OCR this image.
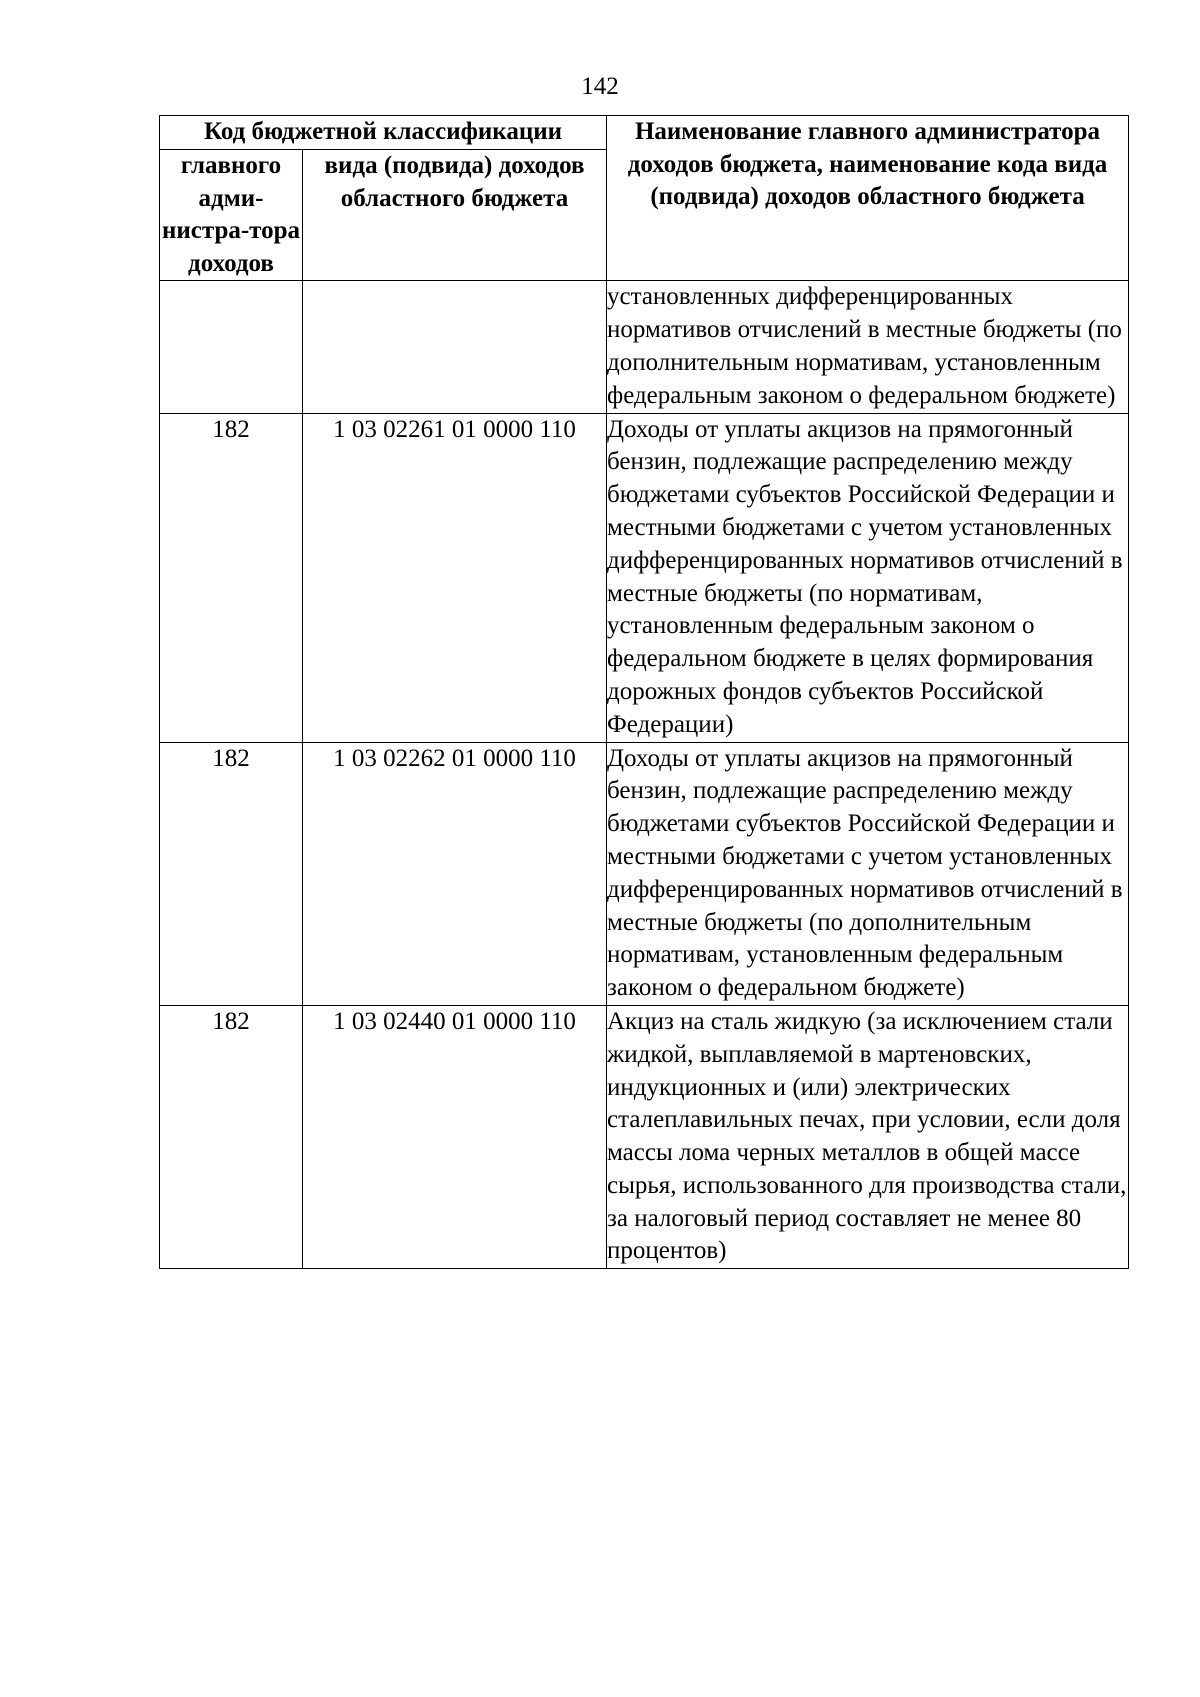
142
Код бюджетной классификации		Наименование главного администратора доходов бюджета, наименование кода вида (подвида) доходов областного бюджета
главного адми-нистра-тора доходов	вида (подвида) доходов областного бюджета	
		установленных дифференцированных нормативов отчислений в местные бюджеты (по дополнительным нормативам, установленным федеральным законом о федеральном бюджете)
182	1 03 02261 01 0000 110	Доходы от уплаты акцизов на прямогонный бензин, подлежащие распределению между бюджетами субъектов Российской Федерации и местными бюджетами с учетом установленных дифференцированных нормативов отчислений в местные бюджеты (по нормативам, установленным федеральным законом о федеральном бюджете в целях формирования дорожных фондов субъектов Российской Федерации)
182	1 03 02262 01 0000 110	Доходы от уплаты акцизов на прямогонный бензин, подлежащие распределению между бюджетами субъектов Российской Федерации и местными бюджетами с учетом установленных дифференцированных нормативов отчислений в местные бюджеты (по дополнительным нормативам, установленным федеральным законом о федеральном бюджете)
182	1 03 02440 01 0000 110	Акциз на сталь жидкую (за исключением стали жидкой, выплавляемой в мартеновских, индукционных и (или) электрических сталеплавильных печах, при условии, если доля массы лома черных металлов в общей массе сырья, использованного для производства стали, за налоговый период составляет не менее 80 процентов)
